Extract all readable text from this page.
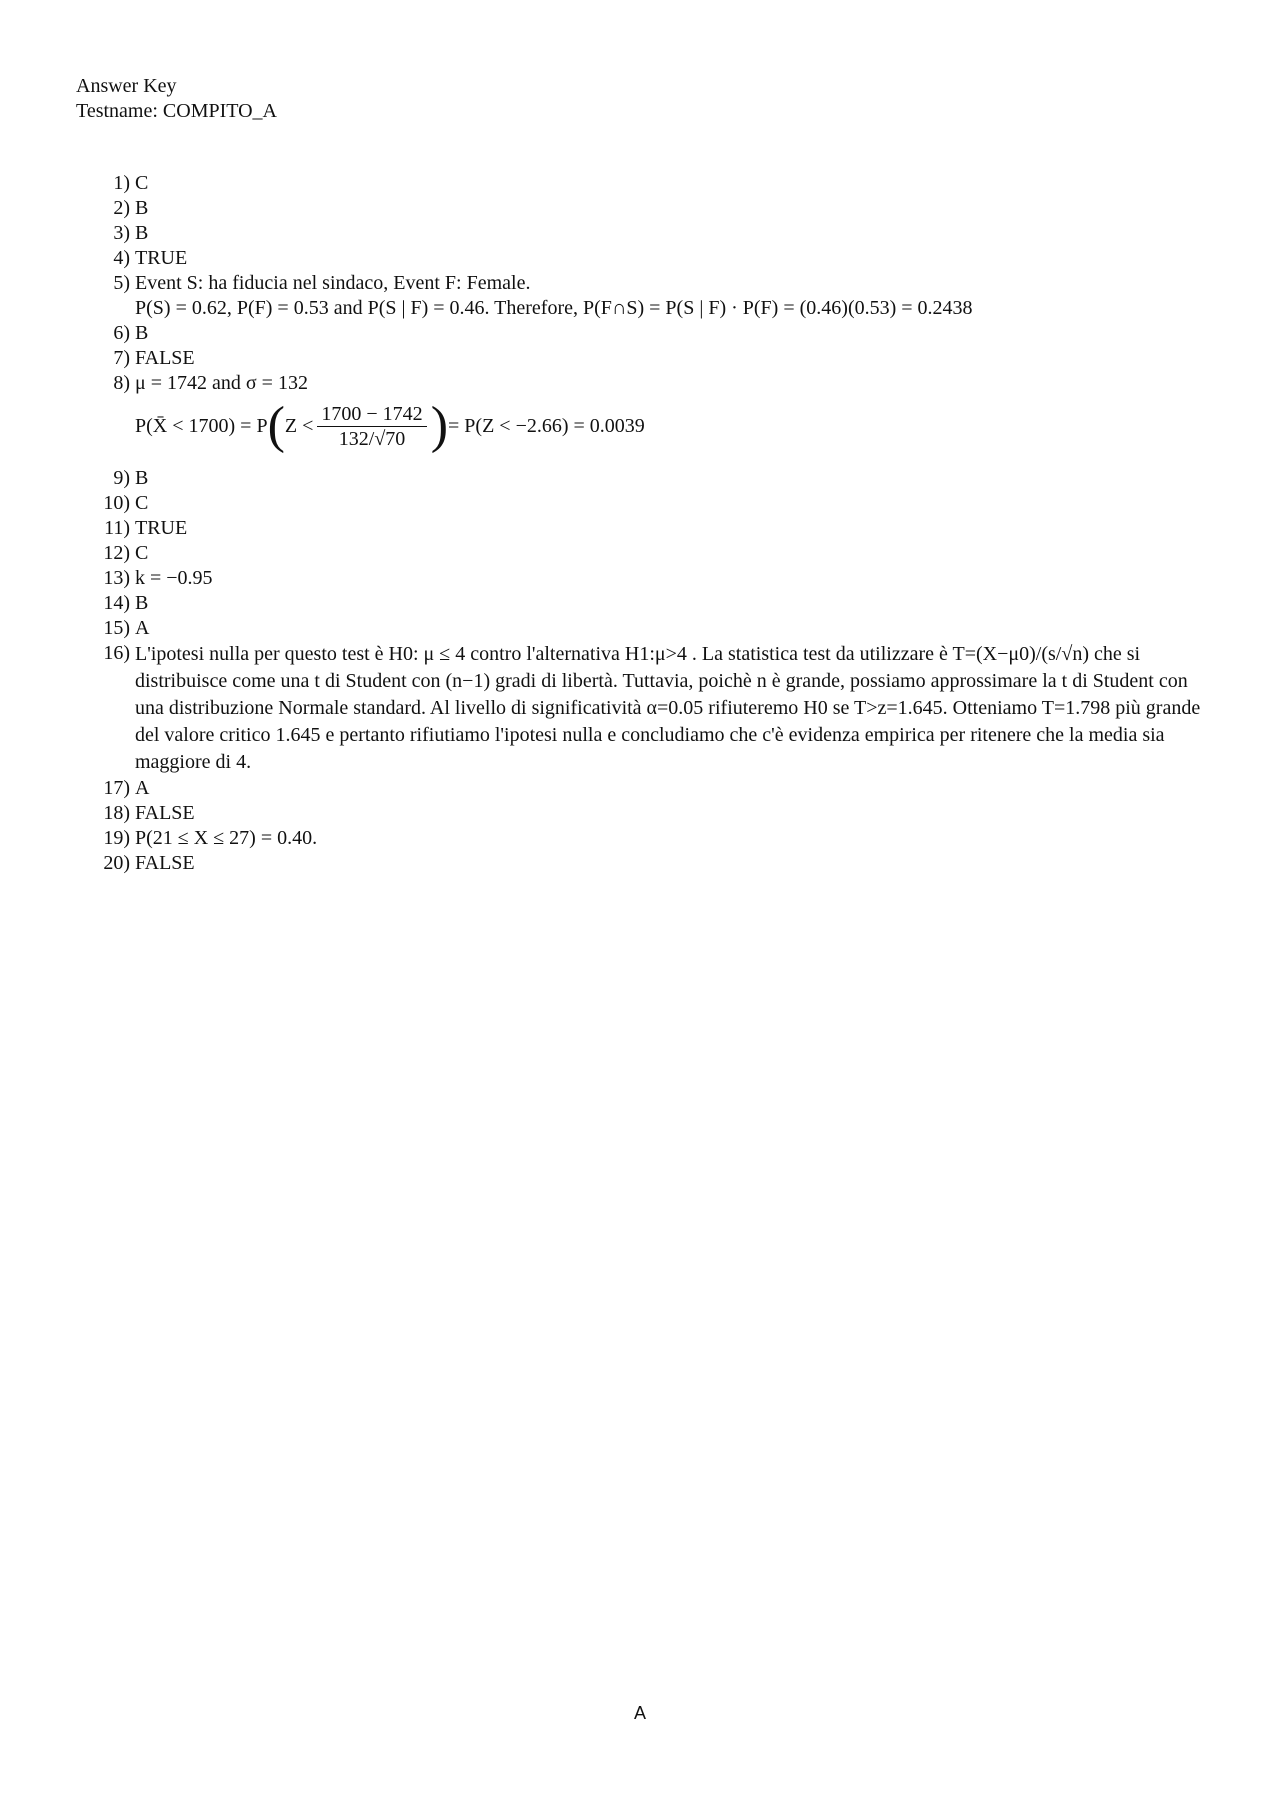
Answer Key
Testname: COMPITO_A
1) C
2) B
3) B
4) TRUE
5) Event S: ha fiducia nel sindaco, Event F: Female.
P(S) = 0.62, P(F) = 0.53 and P(S | F) = 0.46. Therefore, P(F∩S) = P(S | F) · P(F) = (0.46)(0.53) = 0.2438
6) B
7) FALSE
8) μ = 1742 and σ = 132
P(X̄ < 1700) = P ( $Z < \frac{1700 - 1742}{132/√70}$ ) = P(Z < −2.66) = 0.0039
9) B
10) C
11) TRUE
12) C
13) k = −0.95
14) B
15) A
16) L'ipotesi nulla per questo test è H0: μ ≤ 4 contro l'alternativa H1:μ>4 . La statistica test da utilizzare è T=(X−μ0)/(s/√n) che si distribuisce come una t di Student con (n−1) gradi di libertà. Tuttavia, poichè n è grande, possiamo approssimare la t di Student con una distribuzione Normale standard. Al livello di significatività α=0.05 rifiuteremo H0 se T>z=1.645. Otteniamo T=1.798 più grande del valore critico 1.645 e pertanto rifiutiamo l'ipotesi nulla e concludiamo che c'è evidenza empirica per ritenere che la media sia maggiore di 4.
17) A
18) FALSE
19) P(21 ≤ X ≤ 27) = 0.40.
20) FALSE
A
